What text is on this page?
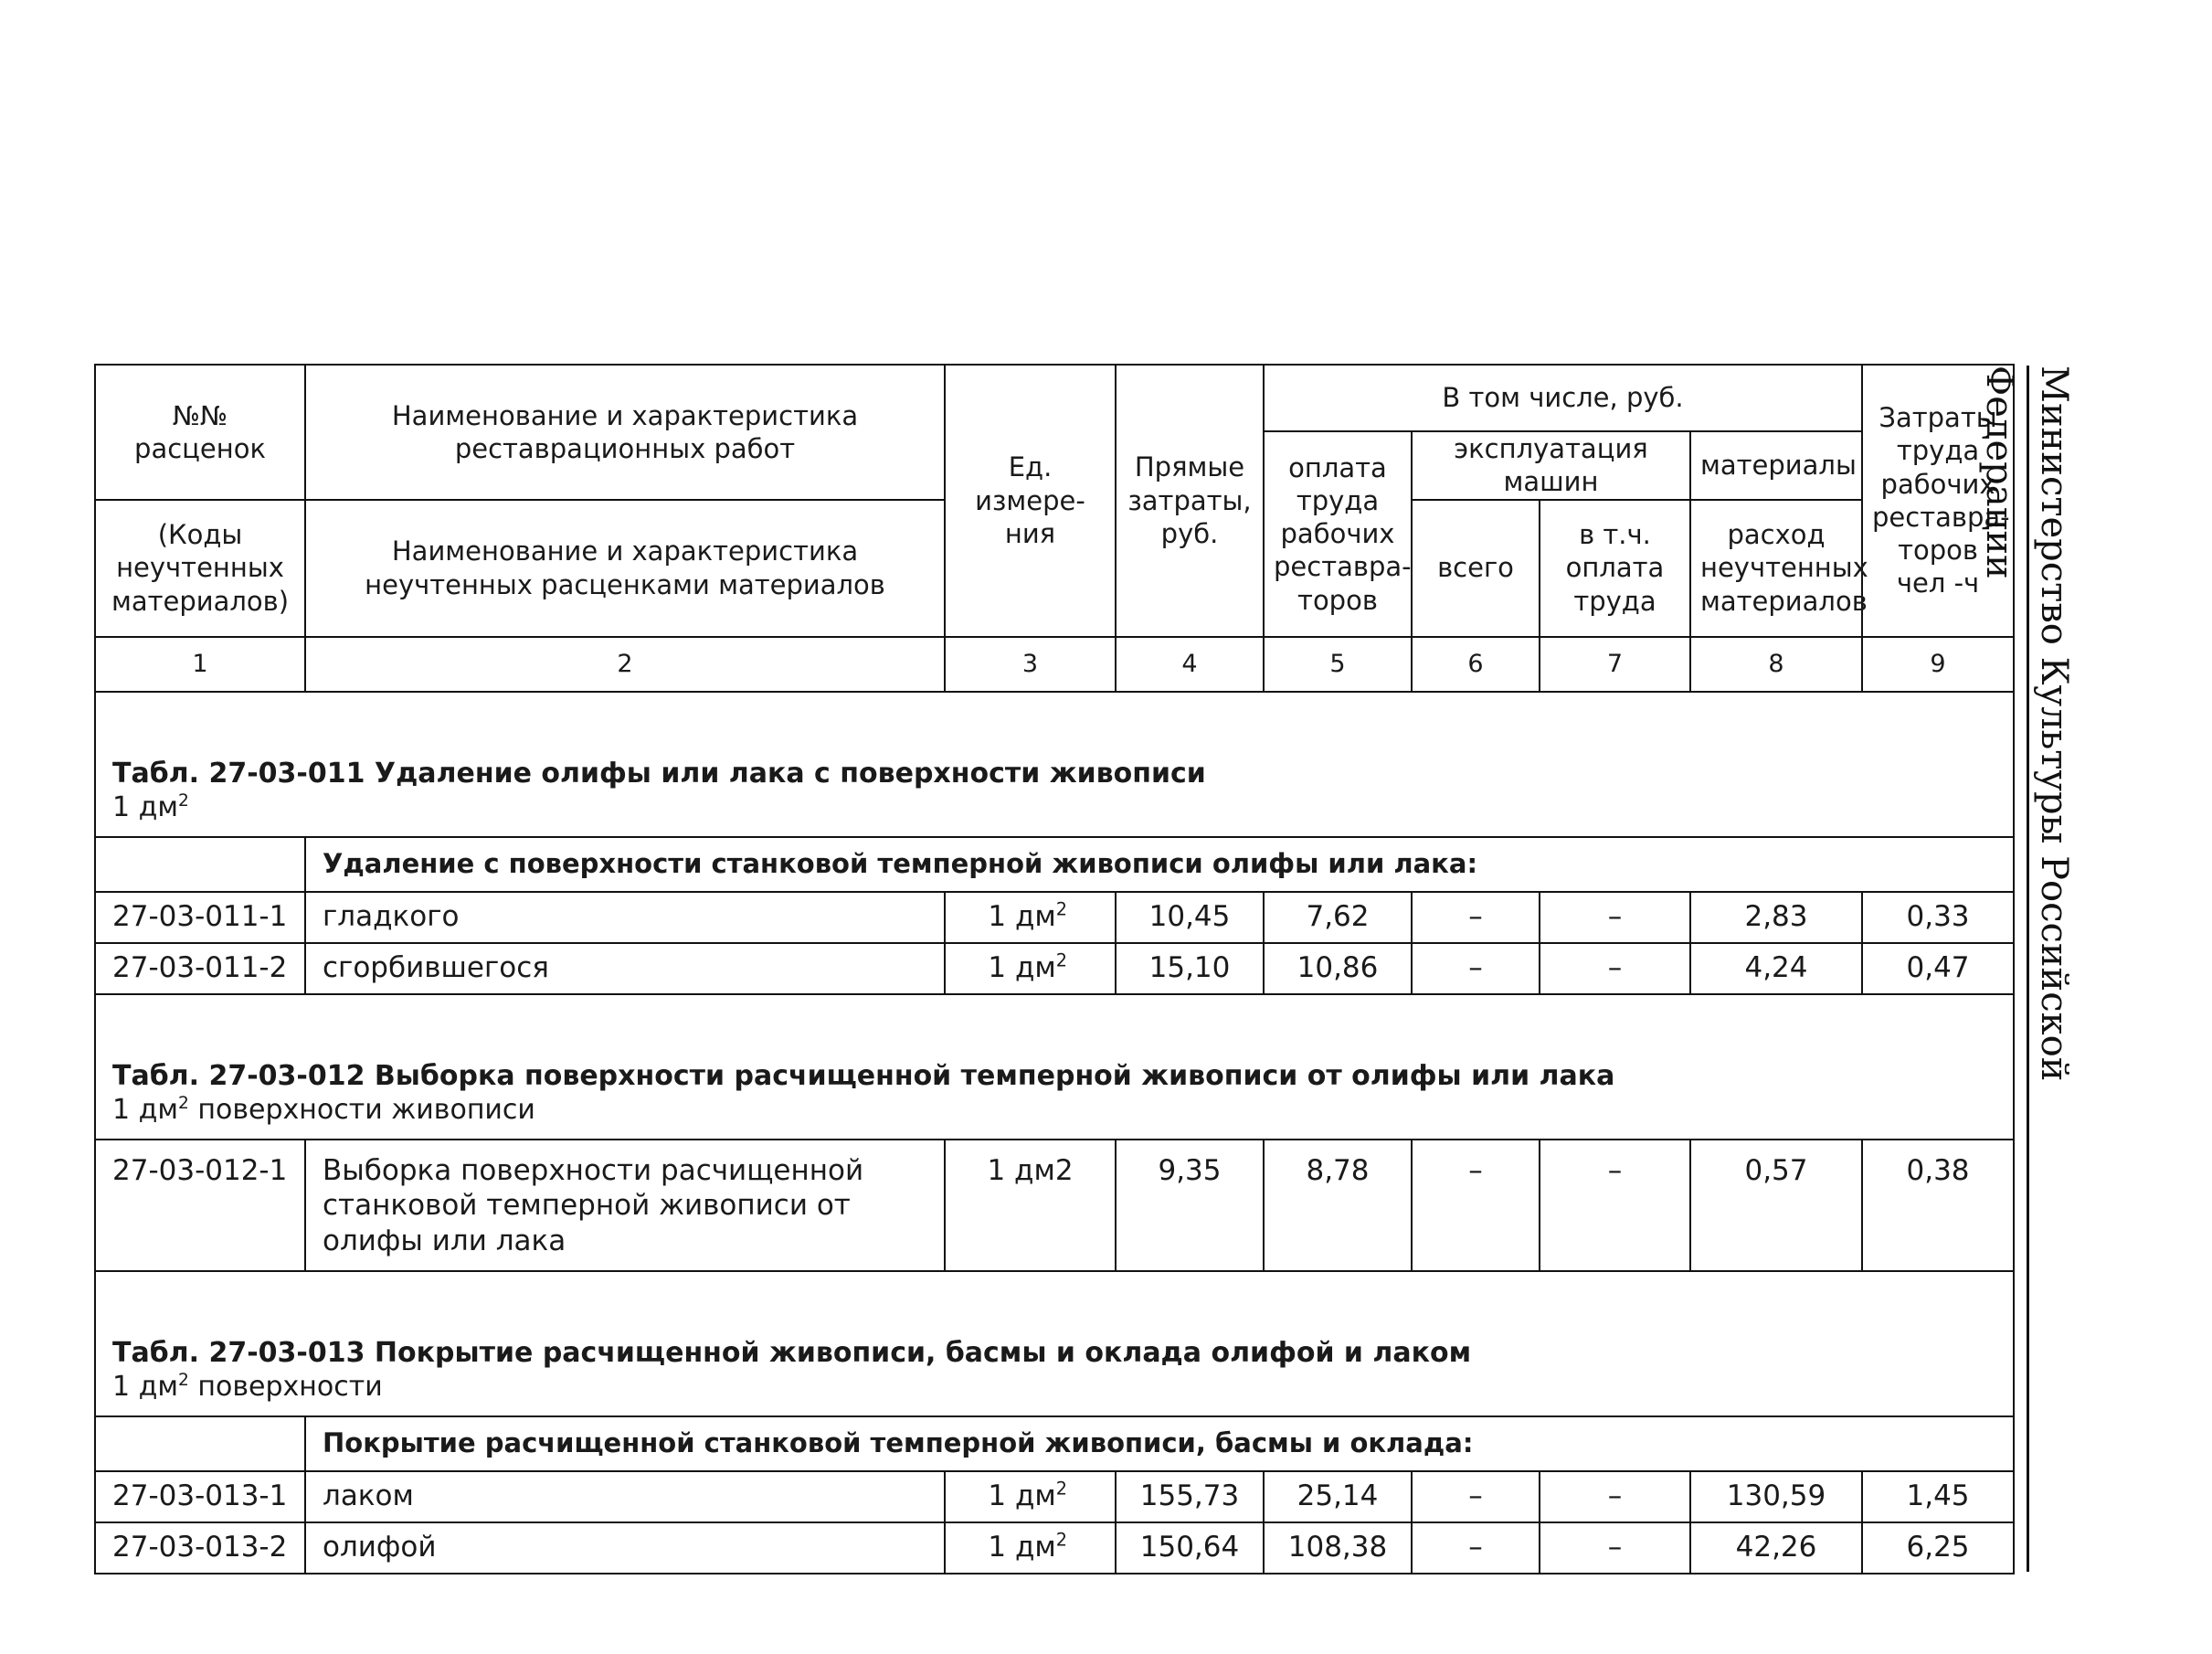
№№ расценок	Наименование и характеристика реставрационных работ	Ед. измере- ния	Прямые затраты, руб.	В том числе, руб.				Затраты труда рабочих реставра- торов чел -ч
				оплата труда рабочих реставра- торов	эксплуатация машин		материалы	
(Коды неучтенных материалов)	Наименование и характеристика неучтенных расценками материалов				всего	в т.ч. оплата труда	расход неучтенных материалов	

1	2	3	4	5	6	7	8	9

Табл. 27-03-011 Удаление олифы или лака с поверхности живописи
1 $дм^2$

	Удаление с поверхности станковой темперной живописи олифы или лака:							
27-03-011-1	гладкого	1 $дм^2$	10,45	7,62	–	–	2,83	0,33
27-03-011-2	сгорбившегося	1 $дм^2$	15,10	10,86	–	–	4,24	0,47

Табл. 27-03-012 Выборка поверхности расчищенной темперной живописи от олифы или лака
1 $дм^2$ поверхности живописи								

27-03-012-1	Выборка поверхности расчищенной станковой темперной живописи от олифы или лака	1 дм2	9,35	8,78	–	–	0,57	0,38

Табл. 27-03-013 Покрытие расчищенной живописи, басмы и оклада олифой и лаком
1 $дм^2$ поверхности								

	Покрытие расчищенной станковой темперной живописи, басмы и оклада:							
27-03-013-1	лаком	1 $дм^2$	155,73	25,14	–	–	130,59	1,45
27-03-013-2	олифой	1 $дм^2$	150,64	108,38	–	–	42,26	6,25
Министерство Культуры Российской Федерации
